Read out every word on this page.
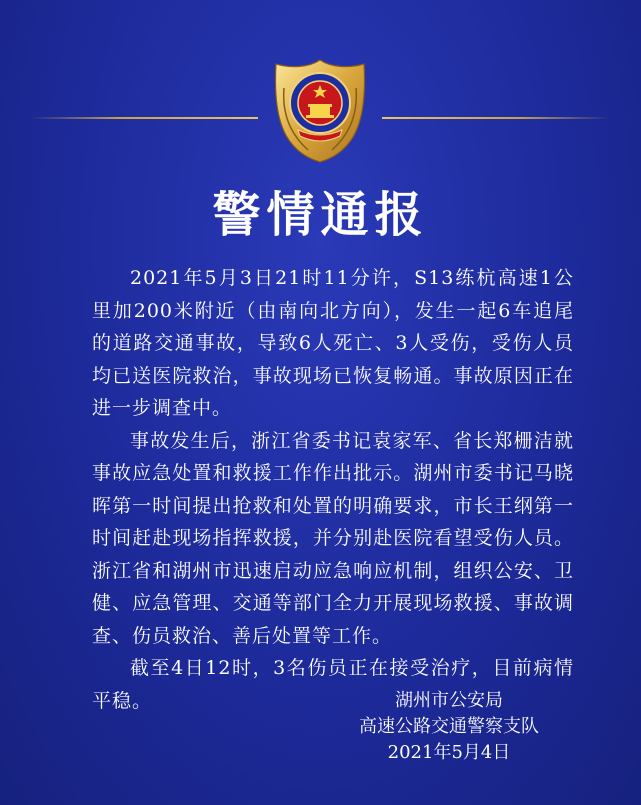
警情通报

2021年5月3日21时11分许，S13练杭高速1公里加200米附近（由南向北方向），发生一起6车追尾的道路交通事故，导致6人死亡、3人受伤，受伤人员均已送医院救治，事故现场已恢复畅通。事故原因正在进一步调查中。

事故发生后，浙江省委书记袁家军、省长郑栅洁就事故应急处置和救援工作作出批示。湖州市委书记马晓晖第一时间提出抢救和处置的明确要求，市长王纲第一时间赶赴现场指挥救援，并分别赴医院看望受伤人员。浙江省和湖州市迅速启动应急响应机制，组织公安、卫健、应急管理、交通等部门全力开展现场救援、事故调查、伤员救治、善后处置等工作。

截至4日12时，3名伤员正在接受治疗，目前病情平稳。	湖州市公安局
高速公路交通警察支队
2021年5月4日
